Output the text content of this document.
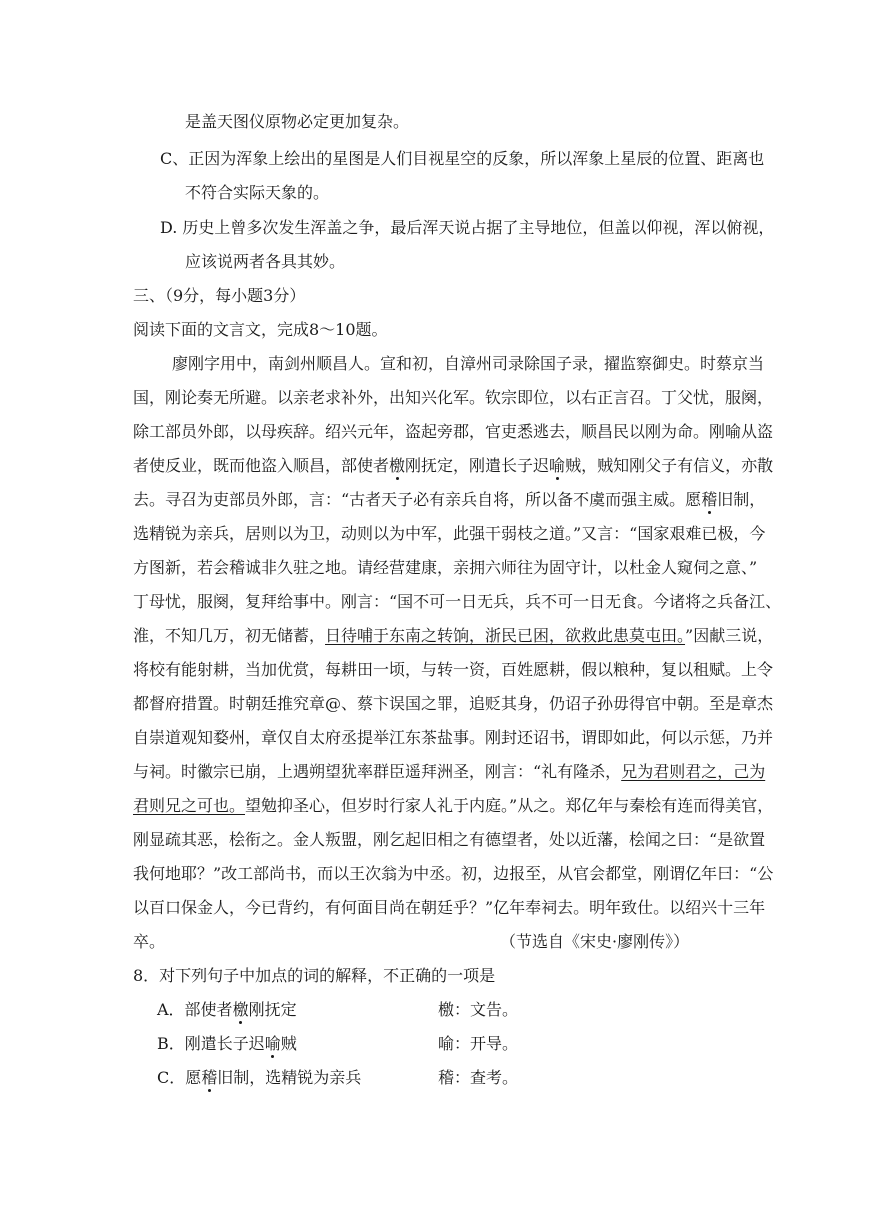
是盖天图仪原物必定更加复杂。
C、正因为浑象上绘出的星图是人们目视星空的反象，所以浑象上星辰的位置、距离也
不符合实际天象的。
D. 历史上曾多次发生浑盖之争，最后浑天说占据了主导地位，但盖以仰视，浑以俯视，
应该说两者各具其妙。
三、（9分，每小题3分）
阅读下面的文言文，完成8～10题。
廖刚字用中，南剑州顺昌人。宣和初，自漳州司录除国子录，擢监察御史。时蔡京当
国，刚论奏无所避。以亲老求补外，出知兴化军。钦宗即位，以右正言召。丁父忧，服阕，
除工部员外郎，以母疾辞。绍兴元年，盗起旁郡，官吏悉逃去，顺昌民以刚为命。刚喻从盗
者使反业，既而他盗入顺昌，部使者檄刚抚定，刚遣长子迟喻贼，贼知刚父子有信义，亦散
去。寻召为吏部员外郎，言：“古者天子必有亲兵自将，所以备不虞而强主威。愿稽旧制，
选精锐为亲兵，居则以为卫，动则以为中军，此强干弱枝之道。”又言：“国家艰难已极，今
方图新，若会稽诚非久驻之地。请经营建康，亲拥六师往为固守计，以杜金人窥伺之意、”
丁母忧，服阕，复拜给事中。刚言：“国不可一日无兵，兵不可一日无食。今诸将之兵备江、
淮，不知几万，初无储蓄，日待哺于东南之转饷，浙民已困，欲救此患莫屯田。”因献三说，
将校有能射耕，当加优赏，每耕田一顷，与转一资，百姓愿耕，假以粮种，复以租赋。上令
都督府措置。时朝廷推究章@、蔡卞误国之罪，追贬其身，仍诏子孙毋得官中朝。至是章杰
自崇道观知婺州，章仅自太府丞提举江东茶盐事。刚封还诏书，谓即如此，何以示惩，乃并
与祠。时徽宗已崩，上遇朔望犹率群臣遥拜洲圣，刚言：“礼有隆杀，兄为君则君之，己为
君则兄之可也。望勉抑圣心，但岁时行家人礼于内庭。”从之。郑亿年与秦桧有连而得美官，
刚显疏其恶，桧衔之。金人叛盟，刚乞起旧相之有德望者，处以近藩，桧闻之曰：“是欲置
我何地耶？”改工部尚书，而以王次翁为中丞。初，边报至，从官会都堂，刚谓亿年曰：“公
以百口保金人，今已背约，有何面目尚在朝廷乎？”亿年奉祠去。明年致仕。以绍兴十三年
卒。	（节选自《宋史·廖刚传》）
8．对下列句子中加点的词的解释，不正确的一项是
A．部使者檄刚抚定	檄：文告。
B．刚遣长子迟喻贼	喻：开导。
C．愿稽旧制，选精锐为亲兵	稽：查考。
